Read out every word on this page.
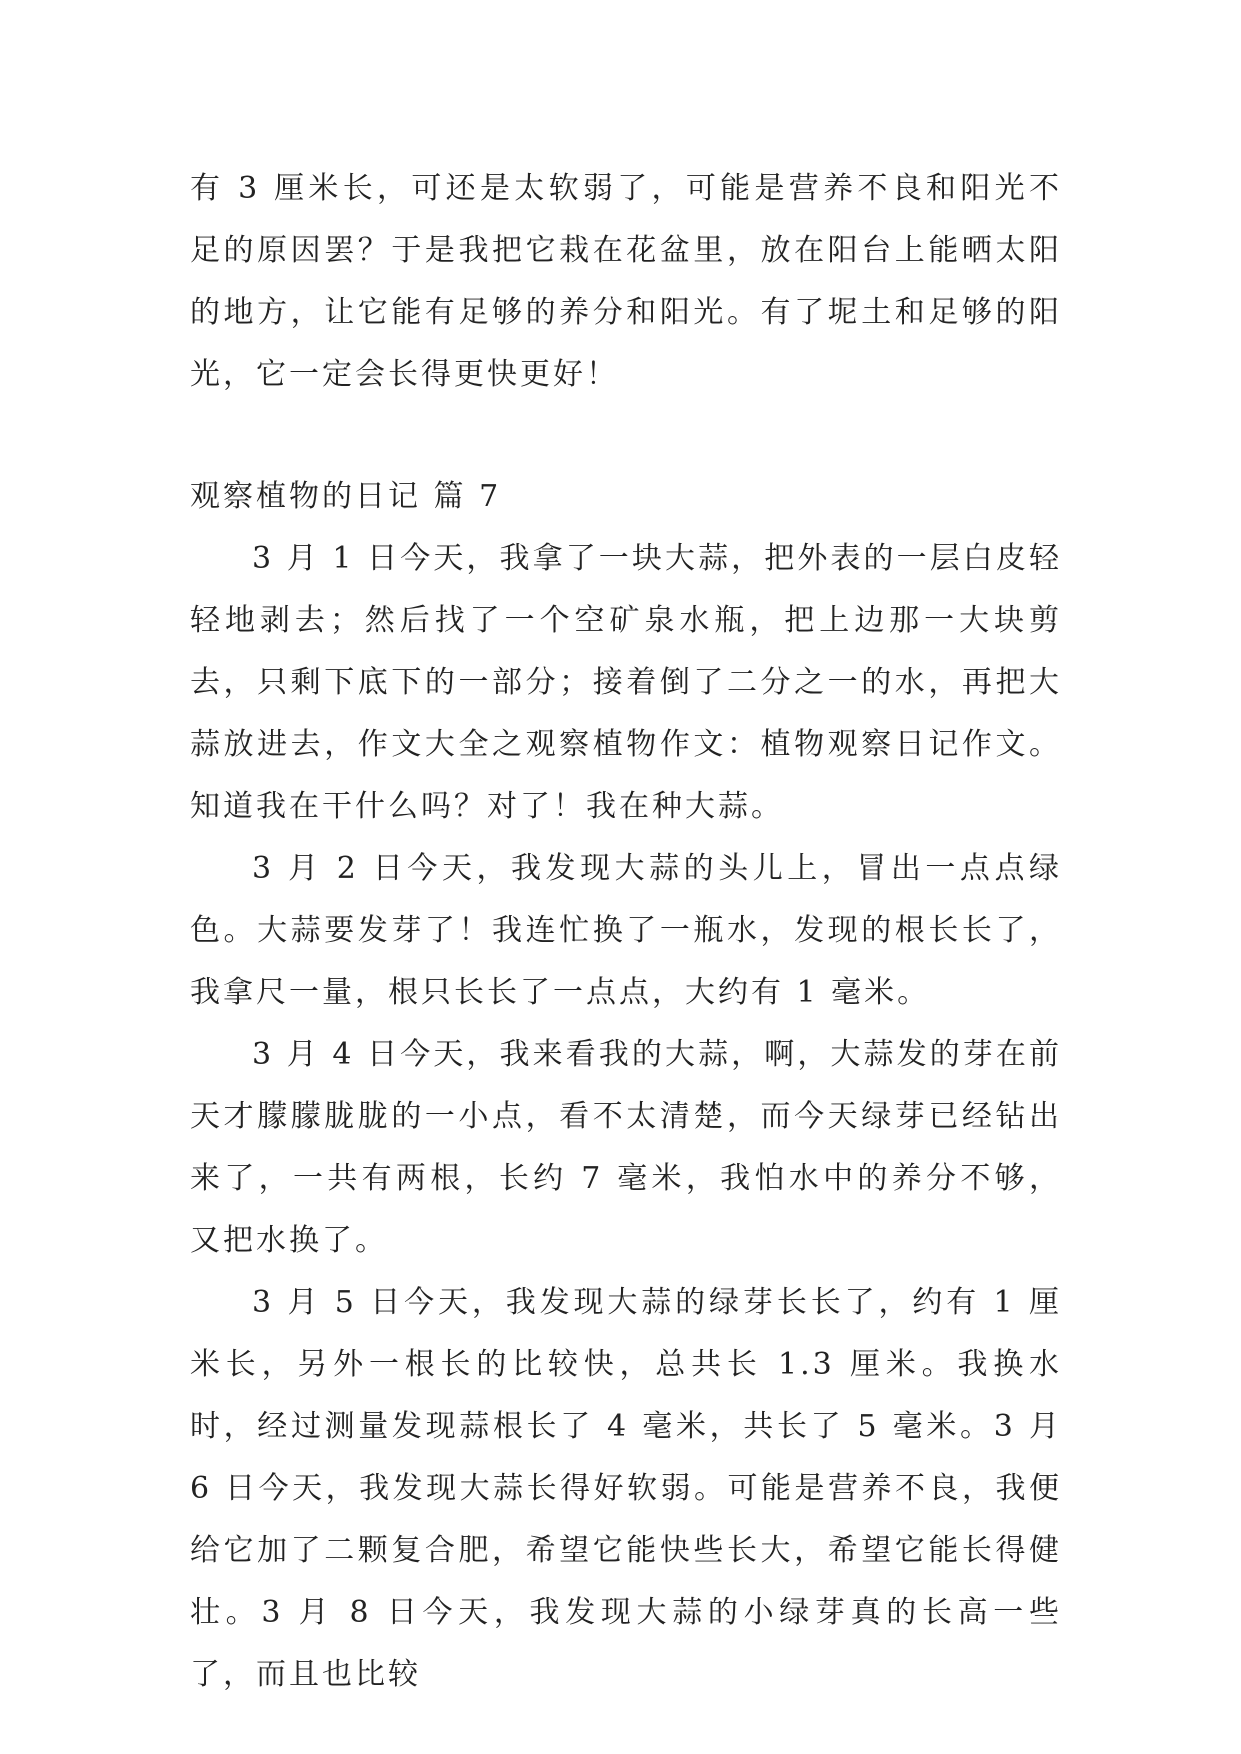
有 3 厘米长，可还是太软弱了，可能是营养不良和阳光不足的原因罢？于是我把它栽在花盆里，放在阳台上能晒太阳的地方，让它能有足够的养分和阳光。有了坭土和足够的阳光，它一定会长得更快更好！

观察植物的日记 篇 7

3 月 1 日今天，我拿了一块大蒜，把外表的一层白皮轻轻地剥去；然后找了一个空矿泉水瓶，把上边那一大块剪去，只剩下底下的一部分；接着倒了二分之一的水，再把大蒜放进去，作文大全之观察植物作文：植物观察日记作文。知道我在干什么吗？对了！我在种大蒜。

3 月 2 日今天，我发现大蒜的头儿上，冒出一点点绿色。大蒜要发芽了！我连忙换了一瓶水，发现的根长长了，我拿尺一量，根只长长了一点点，大约有 1 毫米。

3 月 4 日今天，我来看我的大蒜，啊，大蒜发的芽在前天才朦朦胧胧的一小点，看不太清楚，而今天绿芽已经钻出来了，一共有两根，长约 7 毫米，我怕水中的养分不够，又把水换了。

3 月 5 日今天，我发现大蒜的绿芽长长了，约有 1 厘米长，另外一根长的比较快，总共长 1.3 厘米。我换水时，经过测量发现蒜根长了 4 毫米，共长了 5 毫米。3 月 6 日今天，我发现大蒜长得好软弱。可能是营养不良，我便给它加了二颗复合肥，希望它能快些长大，希望它能长得健壮。3 月 8 日今天，我发现大蒜的小绿芽真的长高一些了，而且也比较
